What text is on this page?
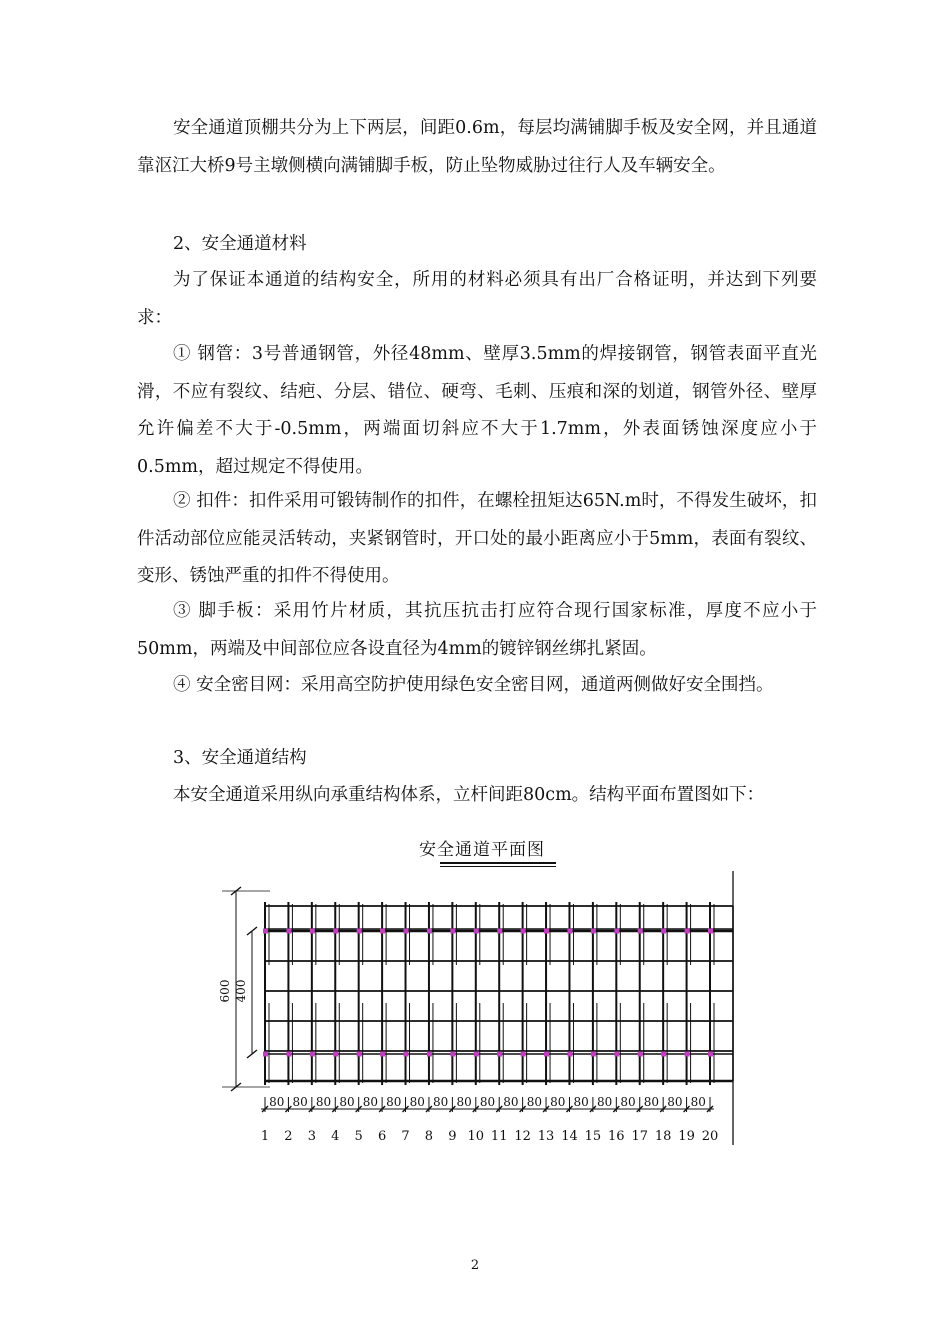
安全通道顶棚共分为上下两层，间距0.6m，每层均满铺脚手板及安全网，并且通道靠沤江大桥9号主墩侧横向满铺脚手板，防止坠物威胁过往行人及车辆安全。

2、安全通道材料

为了保证本通道的结构安全，所用的材料必须具有出厂合格证明，并达到下列要求：

① 钢管：3号普通钢管，外径48mm、壁厚3.5mm的焊接钢管，钢管表面平直光滑，不应有裂纹、结疤、分层、错位、硬弯、毛刺、压痕和深的划道，钢管外径、壁厚允许偏差不大于-0.5mm，两端面切斜应不大于1.7mm，外表面锈蚀深度应小于0.5mm，超过规定不得使用。

② 扣件：扣件采用可锻铸制作的扣件，在螺栓扭矩达65N.m时，不得发生破坏，扣件活动部位应能灵活转动，夹紧钢管时，开口处的最小距离应小于5mm，表面有裂纹、变形、锈蚀严重的扣件不得使用。

③ 脚手板：采用竹片材质，其抗压抗击打应符合现行国家标准，厚度不应小于50mm，两端及中间部位应各设直径为4mm的镀锌钢丝绑扎紧固。

④ 安全密目网：采用高空防护使用绿色安全密目网，通道两侧做好安全围挡。

3、安全通道结构

本安全通道采用纵向承重结构体系，立杆间距80cm。结构平面布置图如下：

安全通道平面图
600 400
80 80 80 80 80 80 80 80 80 80 80 80 80 80 80 80 80 80 80
1 2 3 4 5 6 7 8 9 10 11 12 13 14 15 16 17 18 19 20
2
